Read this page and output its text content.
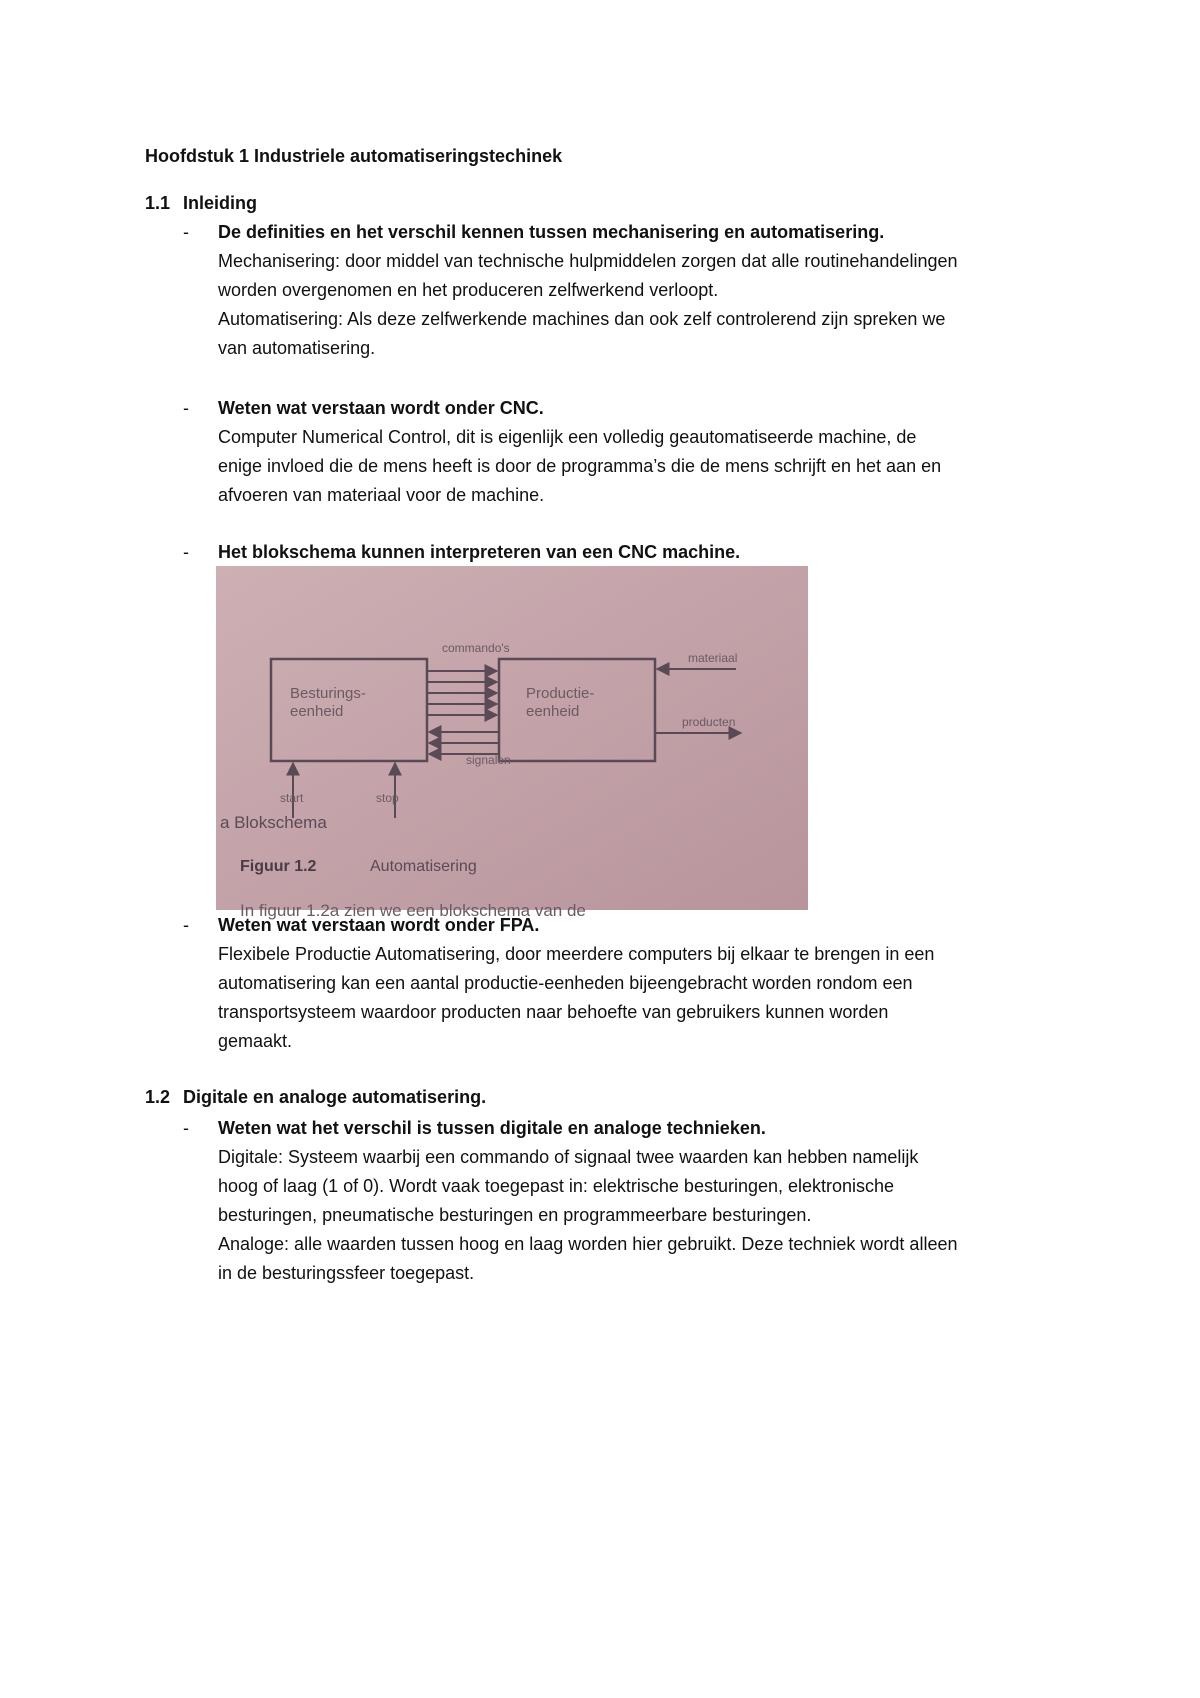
Hoofdstuk 1 Industriele automatiseringstechinek
1.1 Inleiding
- De definities en het verschil kennen tussen mechanisering en automatisering.

Mechanisering: door middel van technische hulpmiddelen zorgen dat alle routinehandelingen

worden overgenomen en het produceren zelfwerkend verloopt.

Automatisering: Als deze zelfwerkende machines dan ook zelf controlerend zijn spreken we

van automatisering.

- Weten wat verstaan wordt onder CNC.

Computer Numerical Control, dit is eigenlijk een volledig geautomatiseerde machine, de

enige invloed die de mens heeft is door de programma’s die de mens schrijft en het aan en

afvoeren van materiaal voor de machine.

- Het blokschema kunnen interpreteren van een CNC machine.

Besturings-
eenheid
Productie-
eenheid
commando's
signalen
materiaal
producten
start	stop
a Blokschema
Figuur 1.2	Automatisering
In figuur 1.2a zien we een blokschema van de
- Weten wat verstaan wordt onder FPA.

Flexibele Productie Automatisering, door meerdere computers bij elkaar te brengen in een

automatisering kan een aantal productie-eenheden bijeengebracht worden rondom een

transportsysteem waardoor producten naar behoefte van gebruikers kunnen worden

gemaakt.

1.2 Digitale en analoge automatisering.
- Weten wat het verschil is tussen digitale en analoge technieken.

Digitale: Systeem waarbij een commando of signaal twee waarden kan hebben namelijk

hoog of laag (1 of 0). Wordt vaak toegepast in: elektrische besturingen, elektronische

besturingen, pneumatische besturingen en programmeerbare besturingen.

Analoge: alle waarden tussen hoog en laag worden hier gebruikt. Deze techniek wordt alleen

in de besturingssfeer toegepast.
